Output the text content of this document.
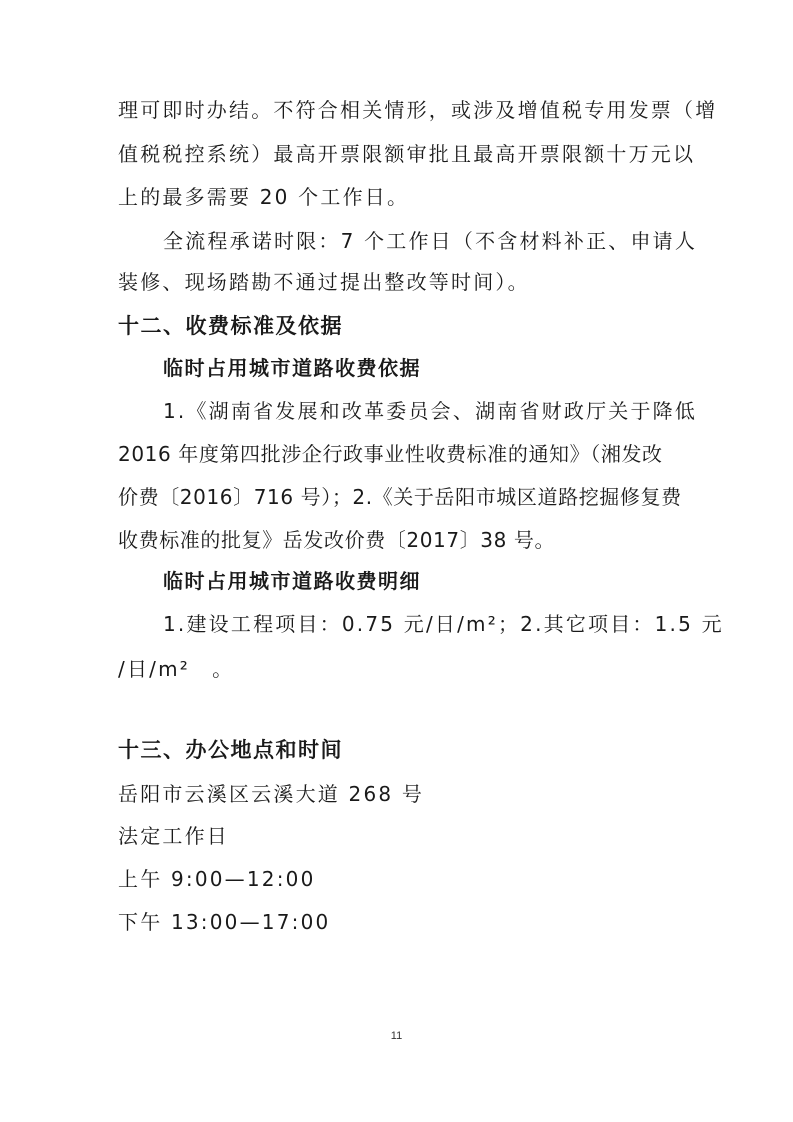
理可即时办结。不符合相关情形，或涉及增值税专用发票（增
值税税控系统）最高开票限额审批且最高开票限额十万元以
上的最多需要 20 个工作日。
全流程承诺时限：7 个工作日（不含材料补正、申请人
装修、现场踏勘不通过提出整改等时间）。
十二、收费标准及依据
临时占用城市道路收费依据
1.《湖南省发展和改革委员会、湖南省财政厅关于降低
2016 年度第四批涉企行政事业性收费标准的通知》（湘发改
价费〔2016〕716 号）；2.《关于岳阳市城区道路挖掘修复费
收费标准的批复》岳发改价费〔2017〕38 号。
临时占用城市道路收费明细
1.建设工程项目：0.75 元/日/m²；2.其它项目：1.5 元
/日/m²　。
十三、办公地点和时间
岳阳市云溪区云溪大道 268 号
法定工作日
上午 9:00—12:00
下午 13:00—17:00
11
